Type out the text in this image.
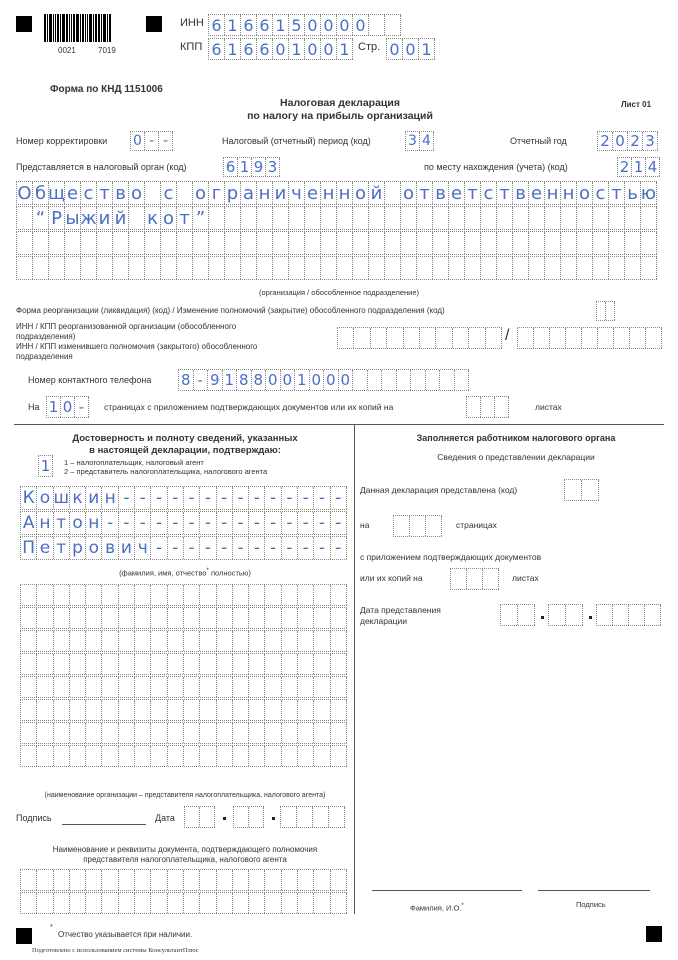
0021	7019
ИНН 6 1 6 6 1 5 0 0 0 0
КПП 6 1 6 6 0 1 0 0 1 Стр. 0 0 1
Форма по КНД 1151006
Налоговая декларация
по налогу на прибыль организаций
Лист 01
Номер корректировки 0 - -	Налоговый (отчетный) период (код)	3 4	Отчетный год 2 0 2 3
Представляется в налоговый орган (код)	6 1 9 3	по месту нахождения (учета) (код)	2 1 4
О б щ е с т в о с о г р а н и ч е н н о й о т в е т с т в е н н о с т ь ю
“ Р ы ж и й к о т ”
(организация / обособленное подразделение)
Форма реорганизации (ликвидация) (код) / Изменение полномочий (закрытие) обособленного подразделения (код)
ИНН / КПП реорганизованной организации (обособленного
подразделения)
ИНН / КПП изменившего полномочия (закрытого) обособленного
подразделения
/
Номер контактного телефона 8 - 9 1 8 8 0 0 1 0 0 0
На 1 0 -	страницах с приложением подтверждающих документов или их копий на	листах
Достоверность и полноту сведений, указанных
в настоящей декларации, подтверждаю:
1	1 – налогоплательщик, налоговый агент
2 – представитель налогоплательщика, налогового агента
К о ш к и н - - - - - - - - - - - - - -
А н т о н - - - - - - - - - - - - - - -
П е т р о в и ч - - - - - - - - - - - -
(фамилия, имя, отчество* полностью)
(наименование организации – представителя налогоплательщика, налогового агента)
Подпись	Дата
Наименование и реквизиты документа, подтверждающего полномочия
представителя налогоплательщика, налогового агента
*
Отчество указывается при наличии.
Подготовлено с использованием системы КонсультантПлюс
Заполняется работником налогового органа
Сведения о представлении декларации
Данная декларация представлена (код)
на	страницах
с приложением подтверждающих документов
или их копий на	листах
Дата представления
декларации
Фамилия, И.О.*	Подпись
